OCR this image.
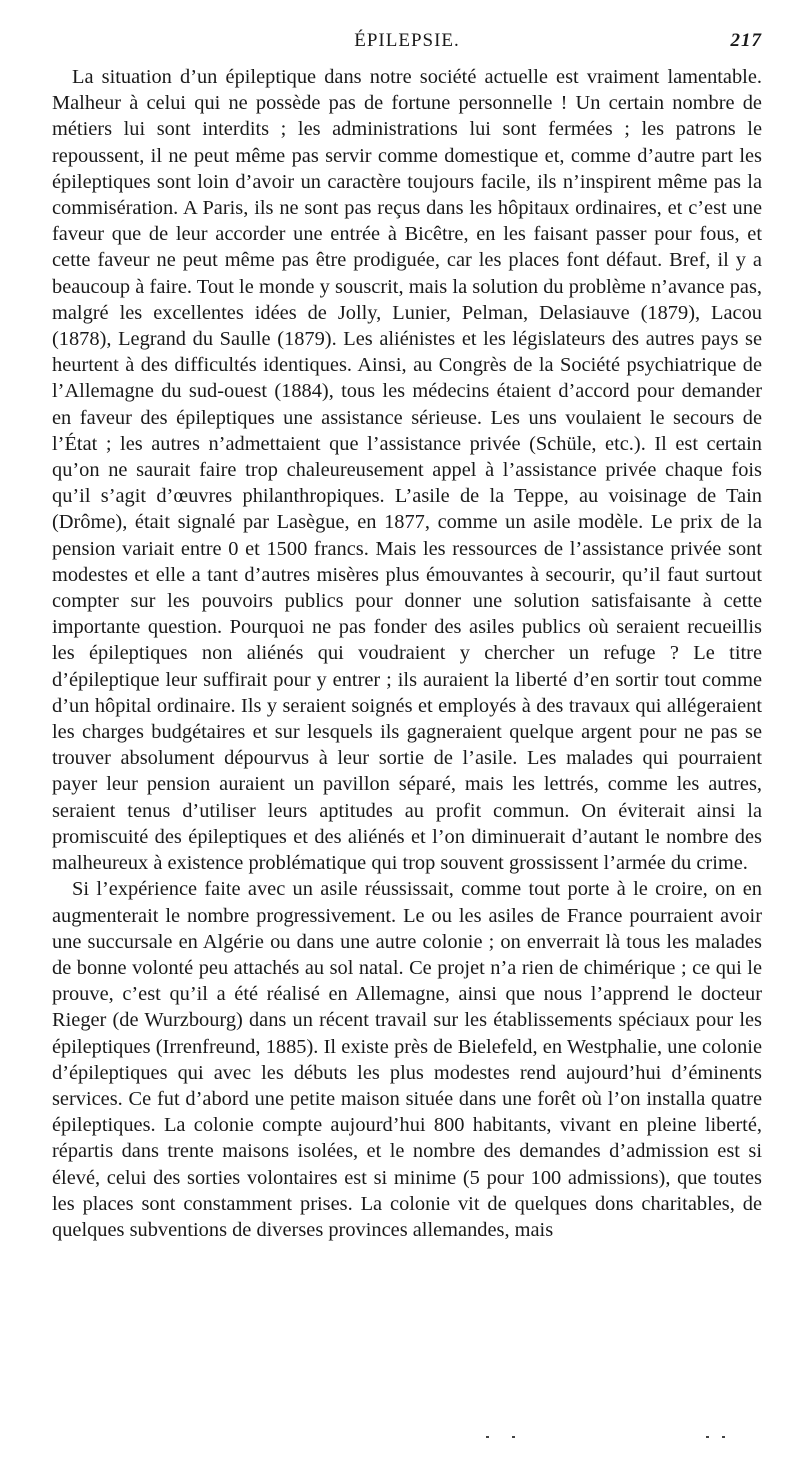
ÉPILEPSIE.	217

La situation d’un épileptique dans notre société actuelle est vraiment lamentable. Malheur à celui qui ne possède pas de fortune personnelle ! Un certain nombre de métiers lui sont interdits ; les administrations lui sont fermées ; les patrons le repoussent, il ne peut même pas servir comme domestique et, comme d’autre part les épileptiques sont loin d’avoir un caractère toujours facile, ils n’inspirent même pas la commisération. A Paris, ils ne sont pas reçus dans les hôpitaux ordinaires, et c’est une faveur que de leur accorder une entrée à Bicêtre, en les faisant passer pour fous, et cette faveur ne peut même pas être prodiguée, car les places font défaut. Bref, il y a beaucoup à faire. Tout le monde y souscrit, mais la solution du problème n’avance pas, malgré les excellentes idées de Jolly, Lunier, Pelman, Delasiauve (1879), Lacou (1878), Legrand du Saulle (1879). Les aliénistes et les législateurs des autres pays se heurtent à des difficultés identiques. Ainsi, au Congrès de la Société psychiatrique de l’Allemagne du sud-ouest (1884), tous les médecins étaient d’accord pour demander en faveur des épileptiques une assistance sérieuse. Les uns voulaient le secours de l’État ; les autres n’admettaient que l’assistance privée (Schüle, etc.). Il est certain qu’on ne saurait faire trop chaleureusement appel à l’assistance privée chaque fois qu’il s’agit d’œuvres philanthropiques. L’asile de la Teppe, au voisinage de Tain (Drôme), était signalé par Lasègue, en 1877, comme un asile modèle. Le prix de la pension variait entre 0 et 1500 francs. Mais les ressources de l’assistance privée sont modestes et elle a tant d’autres misères plus émouvantes à secourir, qu’il faut surtout compter sur les pouvoirs publics pour donner une solution satisfaisante à cette importante question. Pourquoi ne pas fonder des asiles publics où seraient recueillis les épileptiques non aliénés qui voudraient y chercher un refuge ? Le titre d’épileptique leur suffirait pour y entrer ; ils auraient la liberté d’en sortir tout comme d’un hôpital ordinaire. Ils y seraient soignés et employés à des travaux qui allégeraient les charges budgétaires et sur lesquels ils gagneraient quelque argent pour ne pas se trouver absolument dépourvus à leur sortie de l’asile. Les malades qui pourraient payer leur pension auraient un pavillon séparé, mais les lettrés, comme les autres, seraient tenus d’utiliser leurs aptitudes au profit commun. On éviterait ainsi la promiscuité des épileptiques et des aliénés et l’on diminuerait d’autant le nombre des malheureux à existence problématique qui trop souvent grossissent l’armée du crime.

Si l’expérience faite avec un asile réussissait, comme tout porte à le croire, on en augmenterait le nombre progressivement. Le ou les asiles de France pourraient avoir une succursale en Algérie ou dans une autre colonie ; on enverrait là tous les malades de bonne volonté peu attachés au sol natal. Ce projet n’a rien de chimérique ; ce qui le prouve, c’est qu’il a été réalisé en Allemagne, ainsi que nous l’apprend le docteur Rieger (de Wurzbourg) dans un récent travail sur les établissements spéciaux pour les épileptiques (Irrenfreund, 1885). Il existe près de Bielefeld, en Westphalie, une colonie d’épileptiques qui avec les débuts les plus modestes rend aujourd’hui d’éminents services. Ce fut d’abord une petite maison située dans une forêt où l’on installa quatre épileptiques. La colonie compte aujourd’hui 800 habitants, vivant en pleine liberté, répartis dans trente maisons isolées, et le nombre des demandes d’admission est si élevé, celui des sorties volontaires est si minime (5 pour 100 admissions), que toutes les places sont constamment prises. La colonie vit de quelques dons charitables, de quelques subventions de diverses provinces allemandes, mais
